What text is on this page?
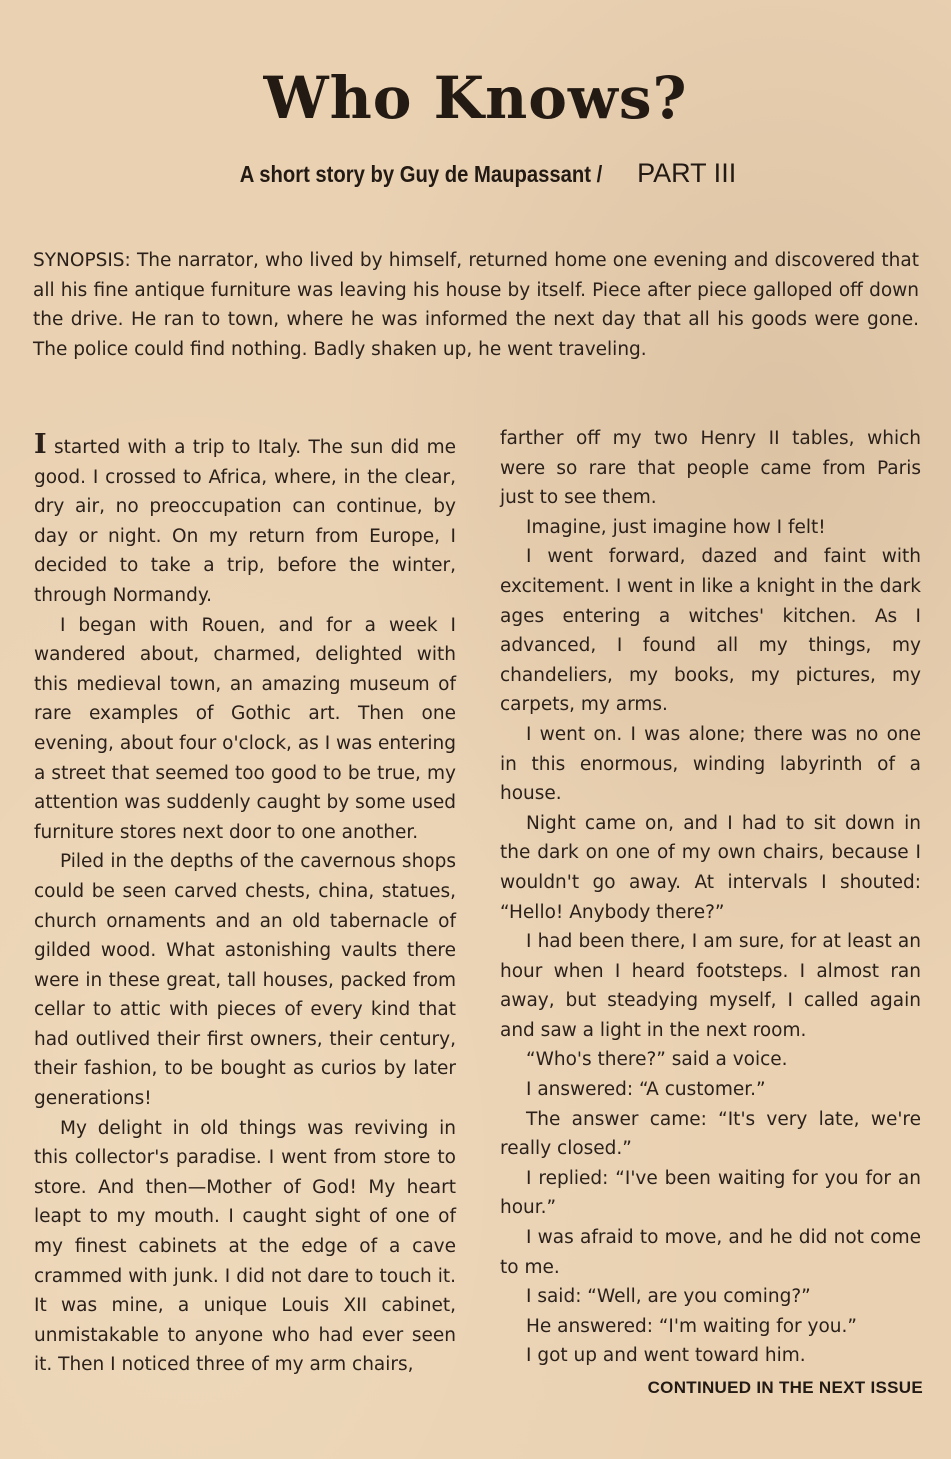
Who Knows?
A short story by Guy de Maupassant / PART III

SYNOPSIS: The narrator, who lived by himself, returned home one evening and discovered that all his fine antique furniture was leaving his house by itself. Piece after piece galloped off down the drive. He ran to town, where he was informed the next day that all his goods were gone. The police could find nothing. Badly shaken up, he went traveling.

I started with a trip to Italy. The sun did me good. I crossed to Africa, where, in the clear, dry air, no preoccupation can continue, by day or night. On my return from Europe, I decided to take a trip, before the winter, through Normandy.

I began with Rouen, and for a week I wandered about, charmed, delighted with this medieval town, an amazing museum of rare examples of Gothic art. Then one evening, about four o'clock, as I was entering a street that seemed too good to be true, my attention was suddenly caught by some used furniture stores next door to one another.

Piled in the depths of the cavernous shops could be seen carved chests, china, statues, church ornaments and an old tabernacle of gilded wood. What astonishing vaults there were in these great, tall houses, packed from cellar to attic with pieces of every kind that had outlived their first owners, their century, their fashion, to be bought as curios by later generations!

My delight in old things was reviving in this collector's paradise. I went from store to store. And then—Mother of God! My heart leapt to my mouth. I caught sight of one of my finest cabinets at the edge of a cave crammed with junk. I did not dare to touch it. It was mine, a unique Louis XII cabinet, unmistakable to anyone who had ever seen it. Then I noticed three of my arm chairs,

farther off my two Henry II tables, which were so rare that people came from Paris just to see them.

Imagine, just imagine how I felt!

I went forward, dazed and faint with excitement. I went in like a knight in the dark ages entering a witches' kitchen. As I advanced, I found all my things, my chandeliers, my books, my pictures, my carpets, my arms.

I went on. I was alone; there was no one in this enormous, winding labyrinth of a house.

Night came on, and I had to sit down in the dark on one of my own chairs, because I wouldn't go away. At intervals I shouted: “Hello! Anybody there?”

I had been there, I am sure, for at least an hour when I heard footsteps. I almost ran away, but steadying myself, I called again and saw a light in the next room.

“Who's there?” said a voice.

I answered: “A customer.”

The answer came: “It's very late, we're really closed.”

I replied: “I've been waiting for you for an hour.”

I was afraid to move, and he did not come to me.

I said: “Well, are you coming?”

He answered: “I'm waiting for you.”

I got up and went toward him.

CONTINUED IN THE NEXT ISSUE
